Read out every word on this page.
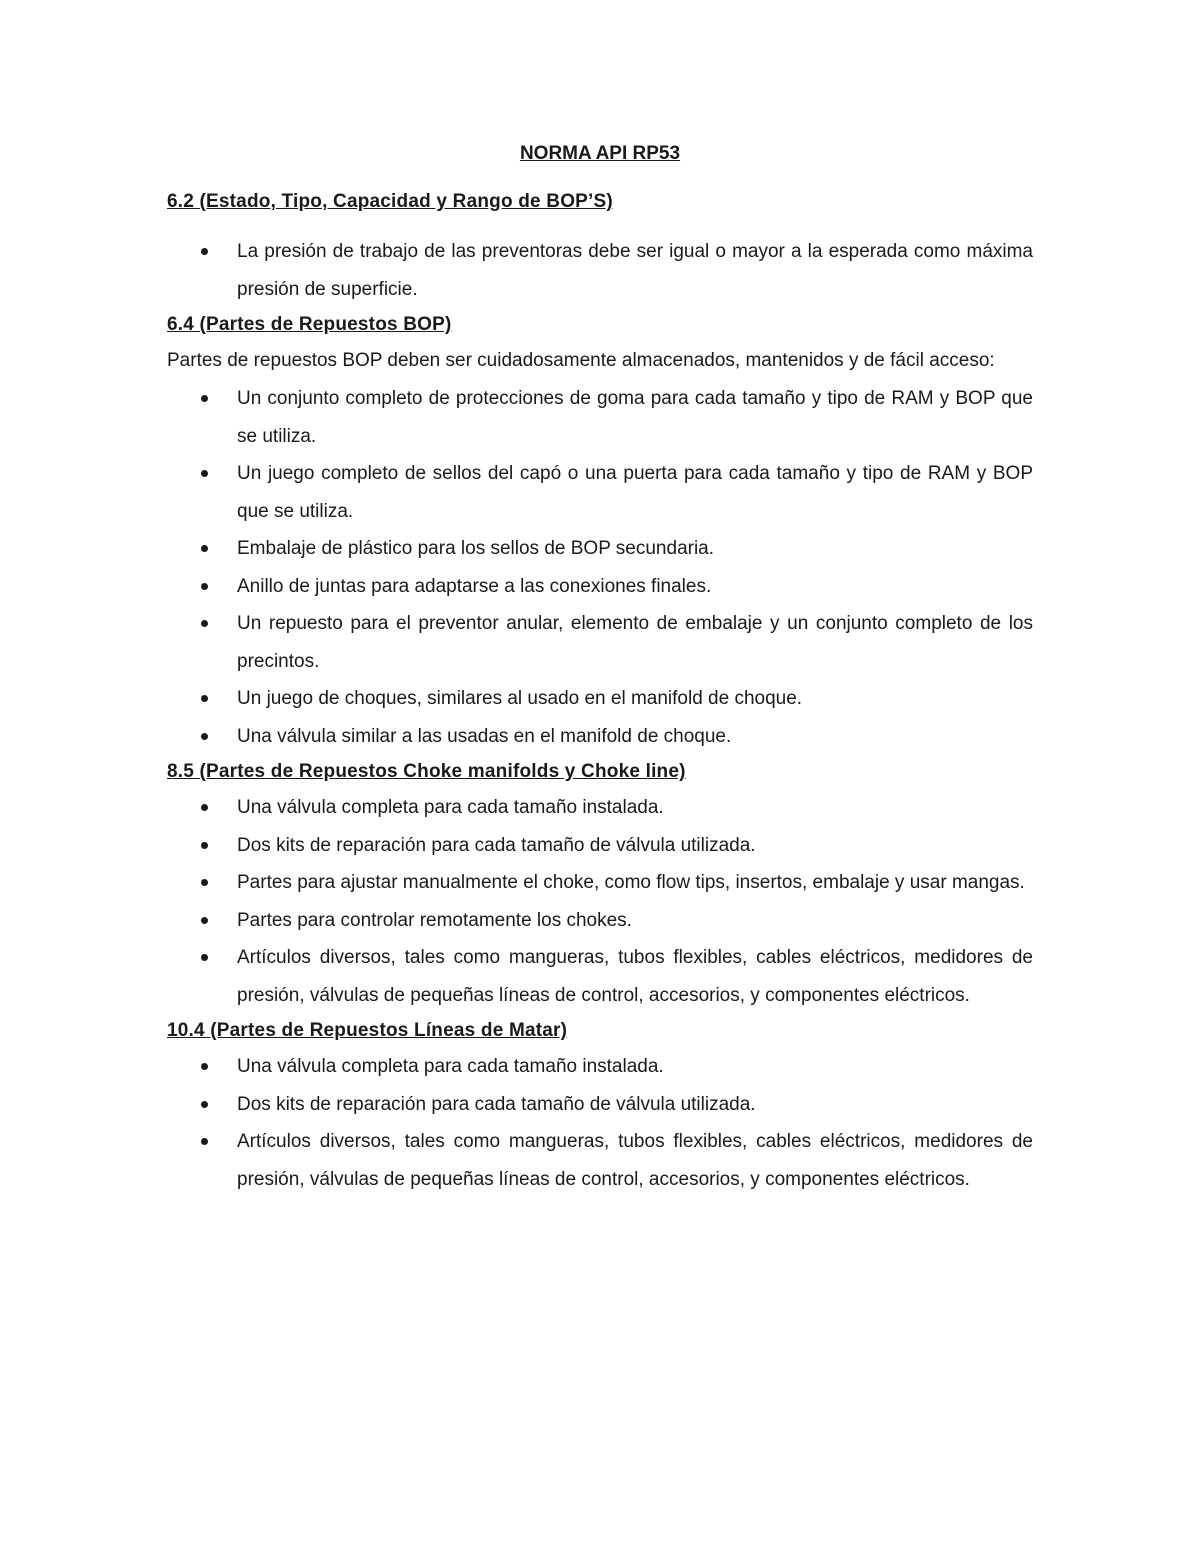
NORMA API RP53
6.2 (Estado, Tipo, Capacidad y Rango de BOP’S)
La presión de trabajo de las preventoras debe ser igual o mayor a la esperada como máxima presión de superficie.
6.4 (Partes de Repuestos BOP)

Partes de repuestos BOP deben ser cuidadosamente almacenados, mantenidos y de fácil acceso:

Un conjunto completo de protecciones de goma para cada tamaño y tipo de RAM y BOP que se utiliza.
Un juego completo de sellos del capó o una puerta para cada tamaño y tipo de RAM y BOP que se utiliza.
Embalaje de plástico para los sellos de BOP secundaria.
Anillo de juntas para adaptarse a las conexiones finales.
Un repuesto para el preventor anular, elemento de embalaje y un conjunto completo de los precintos.
Un juego de choques, similares al usado en el manifold de choque.
Una válvula similar a las usadas en el manifold de choque.
8.5 (Partes de Repuestos Choke manifolds y Choke line)
Una válvula completa para cada tamaño instalada.
Dos kits de reparación para cada tamaño de válvula utilizada.
Partes para ajustar manualmente el choke, como flow tips, insertos, embalaje y usar mangas.
Partes para controlar remotamente los chokes.
Artículos diversos, tales como mangueras, tubos flexibles, cables eléctricos, medidores de presión, válvulas de pequeñas líneas de control, accesorios, y componentes eléctricos.
10.4 (Partes de Repuestos Líneas de Matar)
Una válvula completa para cada tamaño instalada.
Dos kits de reparación para cada tamaño de válvula utilizada.
Artículos diversos, tales como mangueras, tubos flexibles, cables eléctricos, medidores de presión, válvulas de pequeñas líneas de control, accesorios, y componentes eléctricos.
